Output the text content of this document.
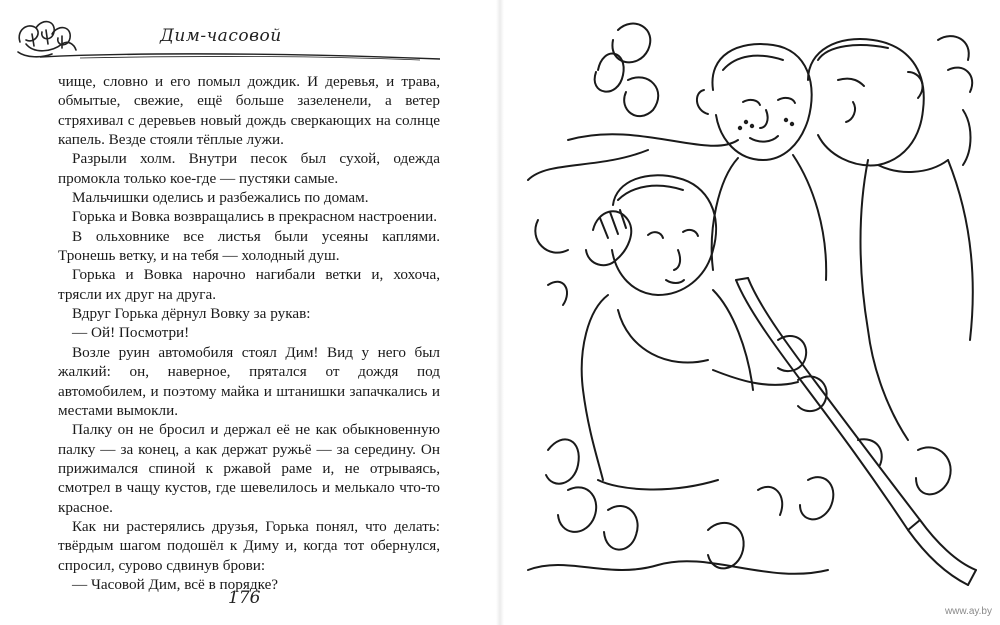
Дим-часовой

чище, словно и его помыл дождик. И деревья, и трава, обмытые, свежие, ещё больше зазеленели, а ветер стряхивал с деревьев новый дождь сверкающих на солнце капель. Везде стояли тёплые лужи.

Разрыли холм. Внутри песок был сухой, одежда промокла только кое-где — пустяки самые.

Мальчишки оделись и разбежались по домам.

Горька и Вовка возвращались в прекрасном настроении.

В ольховнике все листья были усеяны каплями. Тронешь ветку, и на тебя — холодный душ.

Горька и Вовка нарочно нагибали ветки и, хохоча, трясли их друг на друга.

Вдруг Горька дёрнул Вовку за рукав:

— Ой! Посмотри!

Возле руин автомобиля стоял Дим! Вид у него был жалкий: он, наверное, прятался от дождя под автомобилем, и поэтому майка и штанишки запачкались и местами вымокли.

Палку он не бросил и держал её не как обыкновенную палку — за конец, а как держат ружьё — за середину. Он прижимался спиной к ржавой раме и, не отрываясь, смотрел в чащу кустов, где шевелилось и мелькало что-то красное.

Как ни растерялись друзья, Горька понял, что делать: твёрдым шагом подошёл к Диму и, когда тот обернулся, спросил, сурово сдвинув брови:

— Часовой Дим, всё в порядке?

176
www.ay.by
